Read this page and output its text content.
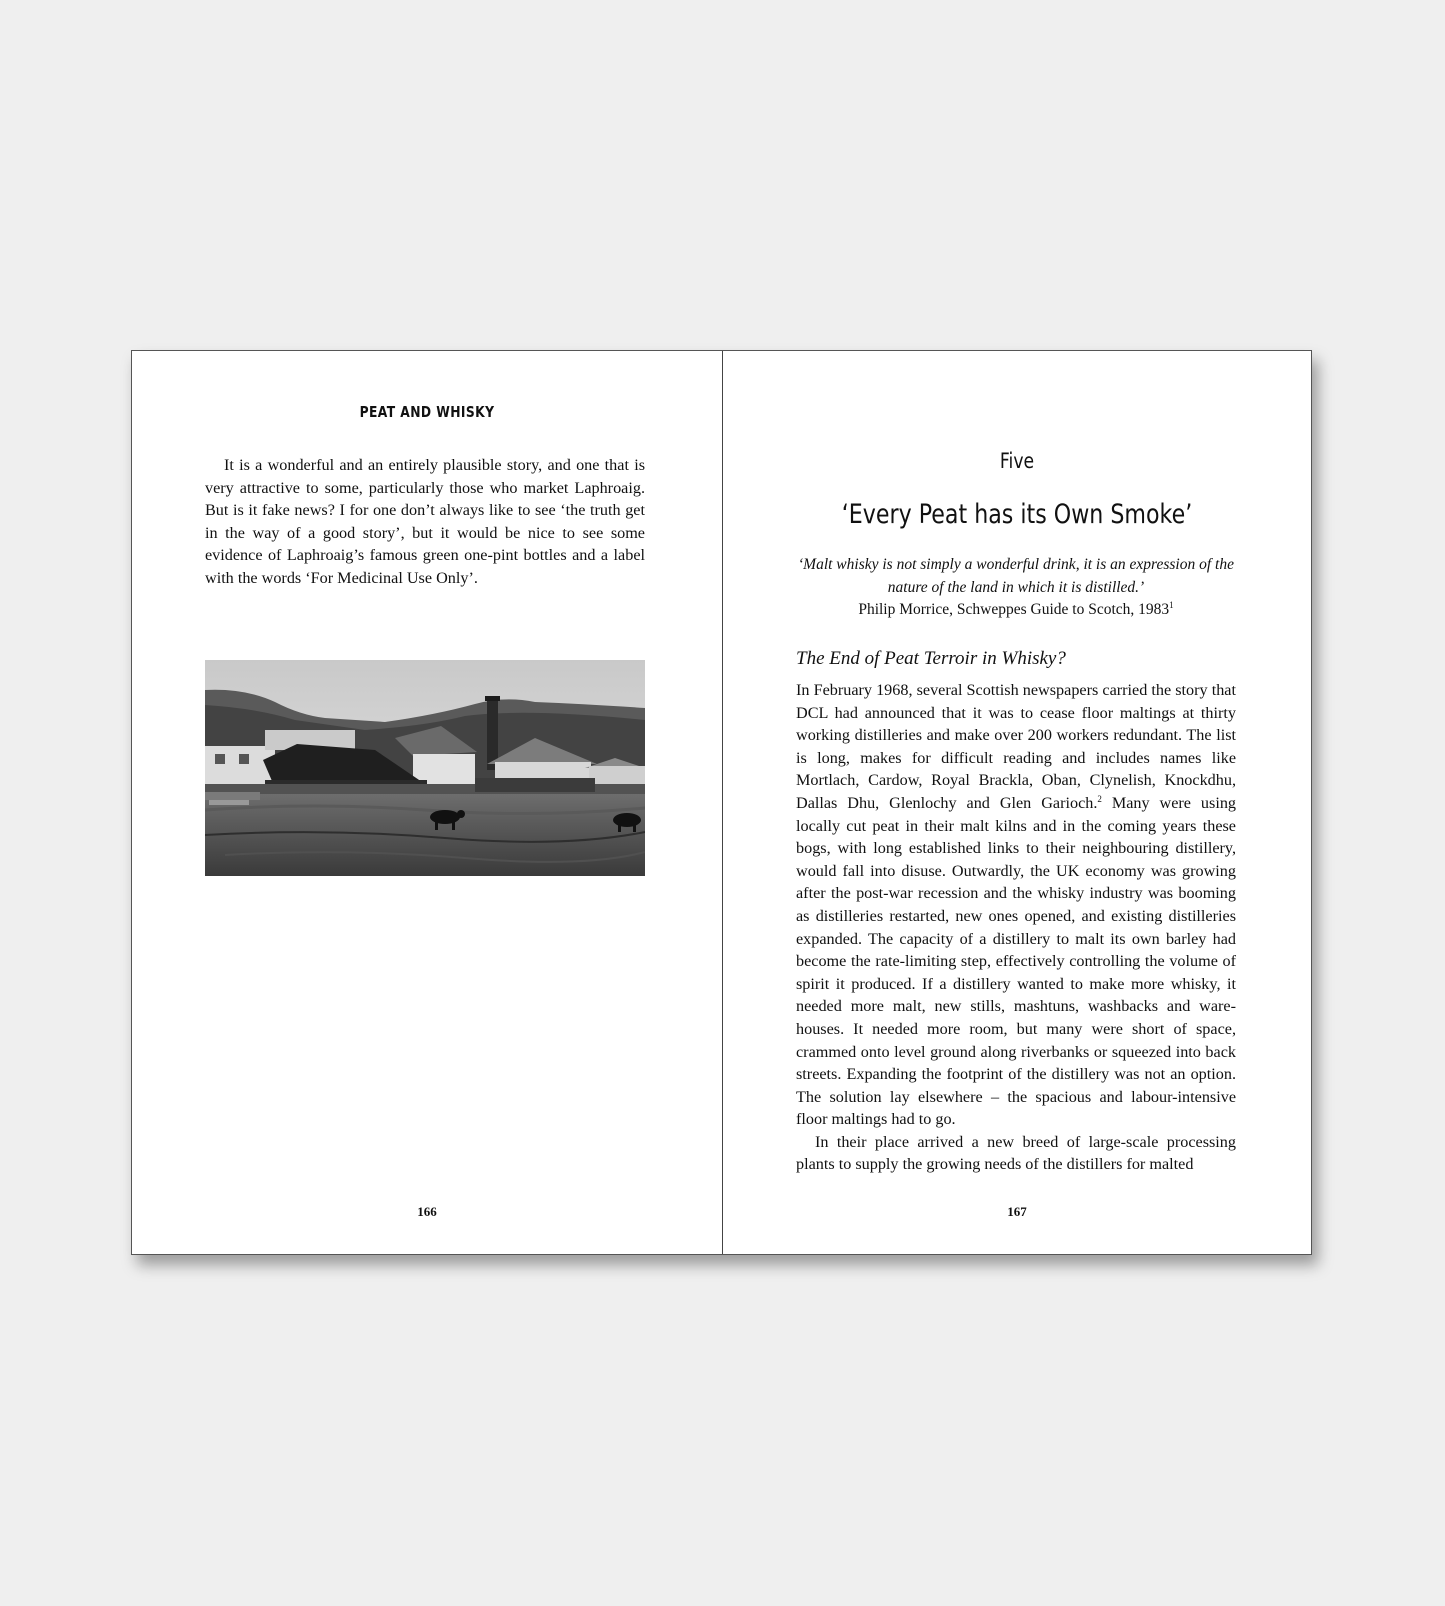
PEAT AND WHISKY

It is a wonderful and an entirely plausible story, and one that is very attractive to some, particularly those who market Laphroaig. But is it fake news? I for one don’t always like to see ‘the truth get in the way of a good story’, but it would be nice to see some evidence of Laphroaig’s famous green one-pint bottles and a label with the words ‘For Medicinal Use Only’.

166
Five
‘Every Peat has its Own Smoke’

‘Malt whisky is not simply a wonderful drink, it is an expression of the nature of the land in which it is distilled.’

Philip Morrice, Schweppes Guide to Scotch, 1983$^1$

The End of Peat Terroir in Whisky?

In February 1968, several Scottish newspapers carried the story that DCL had announced that it was to cease floor maltings at thirty working distilleries and make over 200 workers redundant. The list is long, makes for difficult reading and includes names like Mortlach, Cardow, Royal Brackla, Oban, Clynelish, Knockdhu, Dallas Dhu, Glenlochy and Glen Garioch.$^2$ Many were using locally cut peat in their malt kilns and in the coming years these bogs, with long established links to their neighbouring distillery, would fall into disuse. Outwardly, the UK economy was growing after the post-war recession and the whisky industry was booming as distilleries restarted, new ones opened, and existing distilleries expanded. The capacity of a distillery to malt its own barley had become the rate-limiting step, effectively controlling the volume of spirit it produced. If a distillery wanted to make more whisky, it needed more malt, new stills, mashtuns, washbacks and ware-houses. It needed more room, but many were short of space, crammed onto level ground along riverbanks or squeezed into back streets. Expanding the footprint of the distillery was not an option. The solution lay elsewhere – the spacious and labour-intensive floor maltings had to go.

In their place arrived a new breed of large-scale processing plants to supply the growing needs of the distillers for malted

167
